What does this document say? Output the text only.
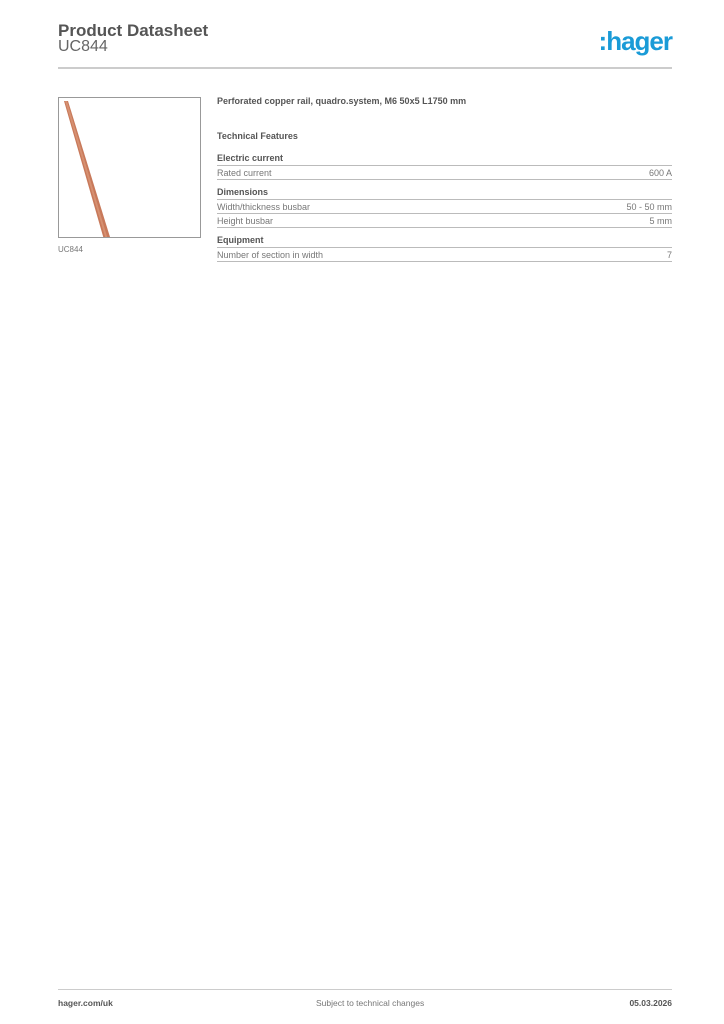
Product Datasheet
UC844	:hager
UC844
Perforated copper rail, quadro.system, M6 50x5 L1750 mm
Technical Features
Electric current
Rated current	600 A
Dimensions
Width/thickness busbar	50 - 50 mm
Height busbar	5 mm
Equipment
Number of section in width	7
hager.com/uk	Subject to technical changes	05.03.2026
